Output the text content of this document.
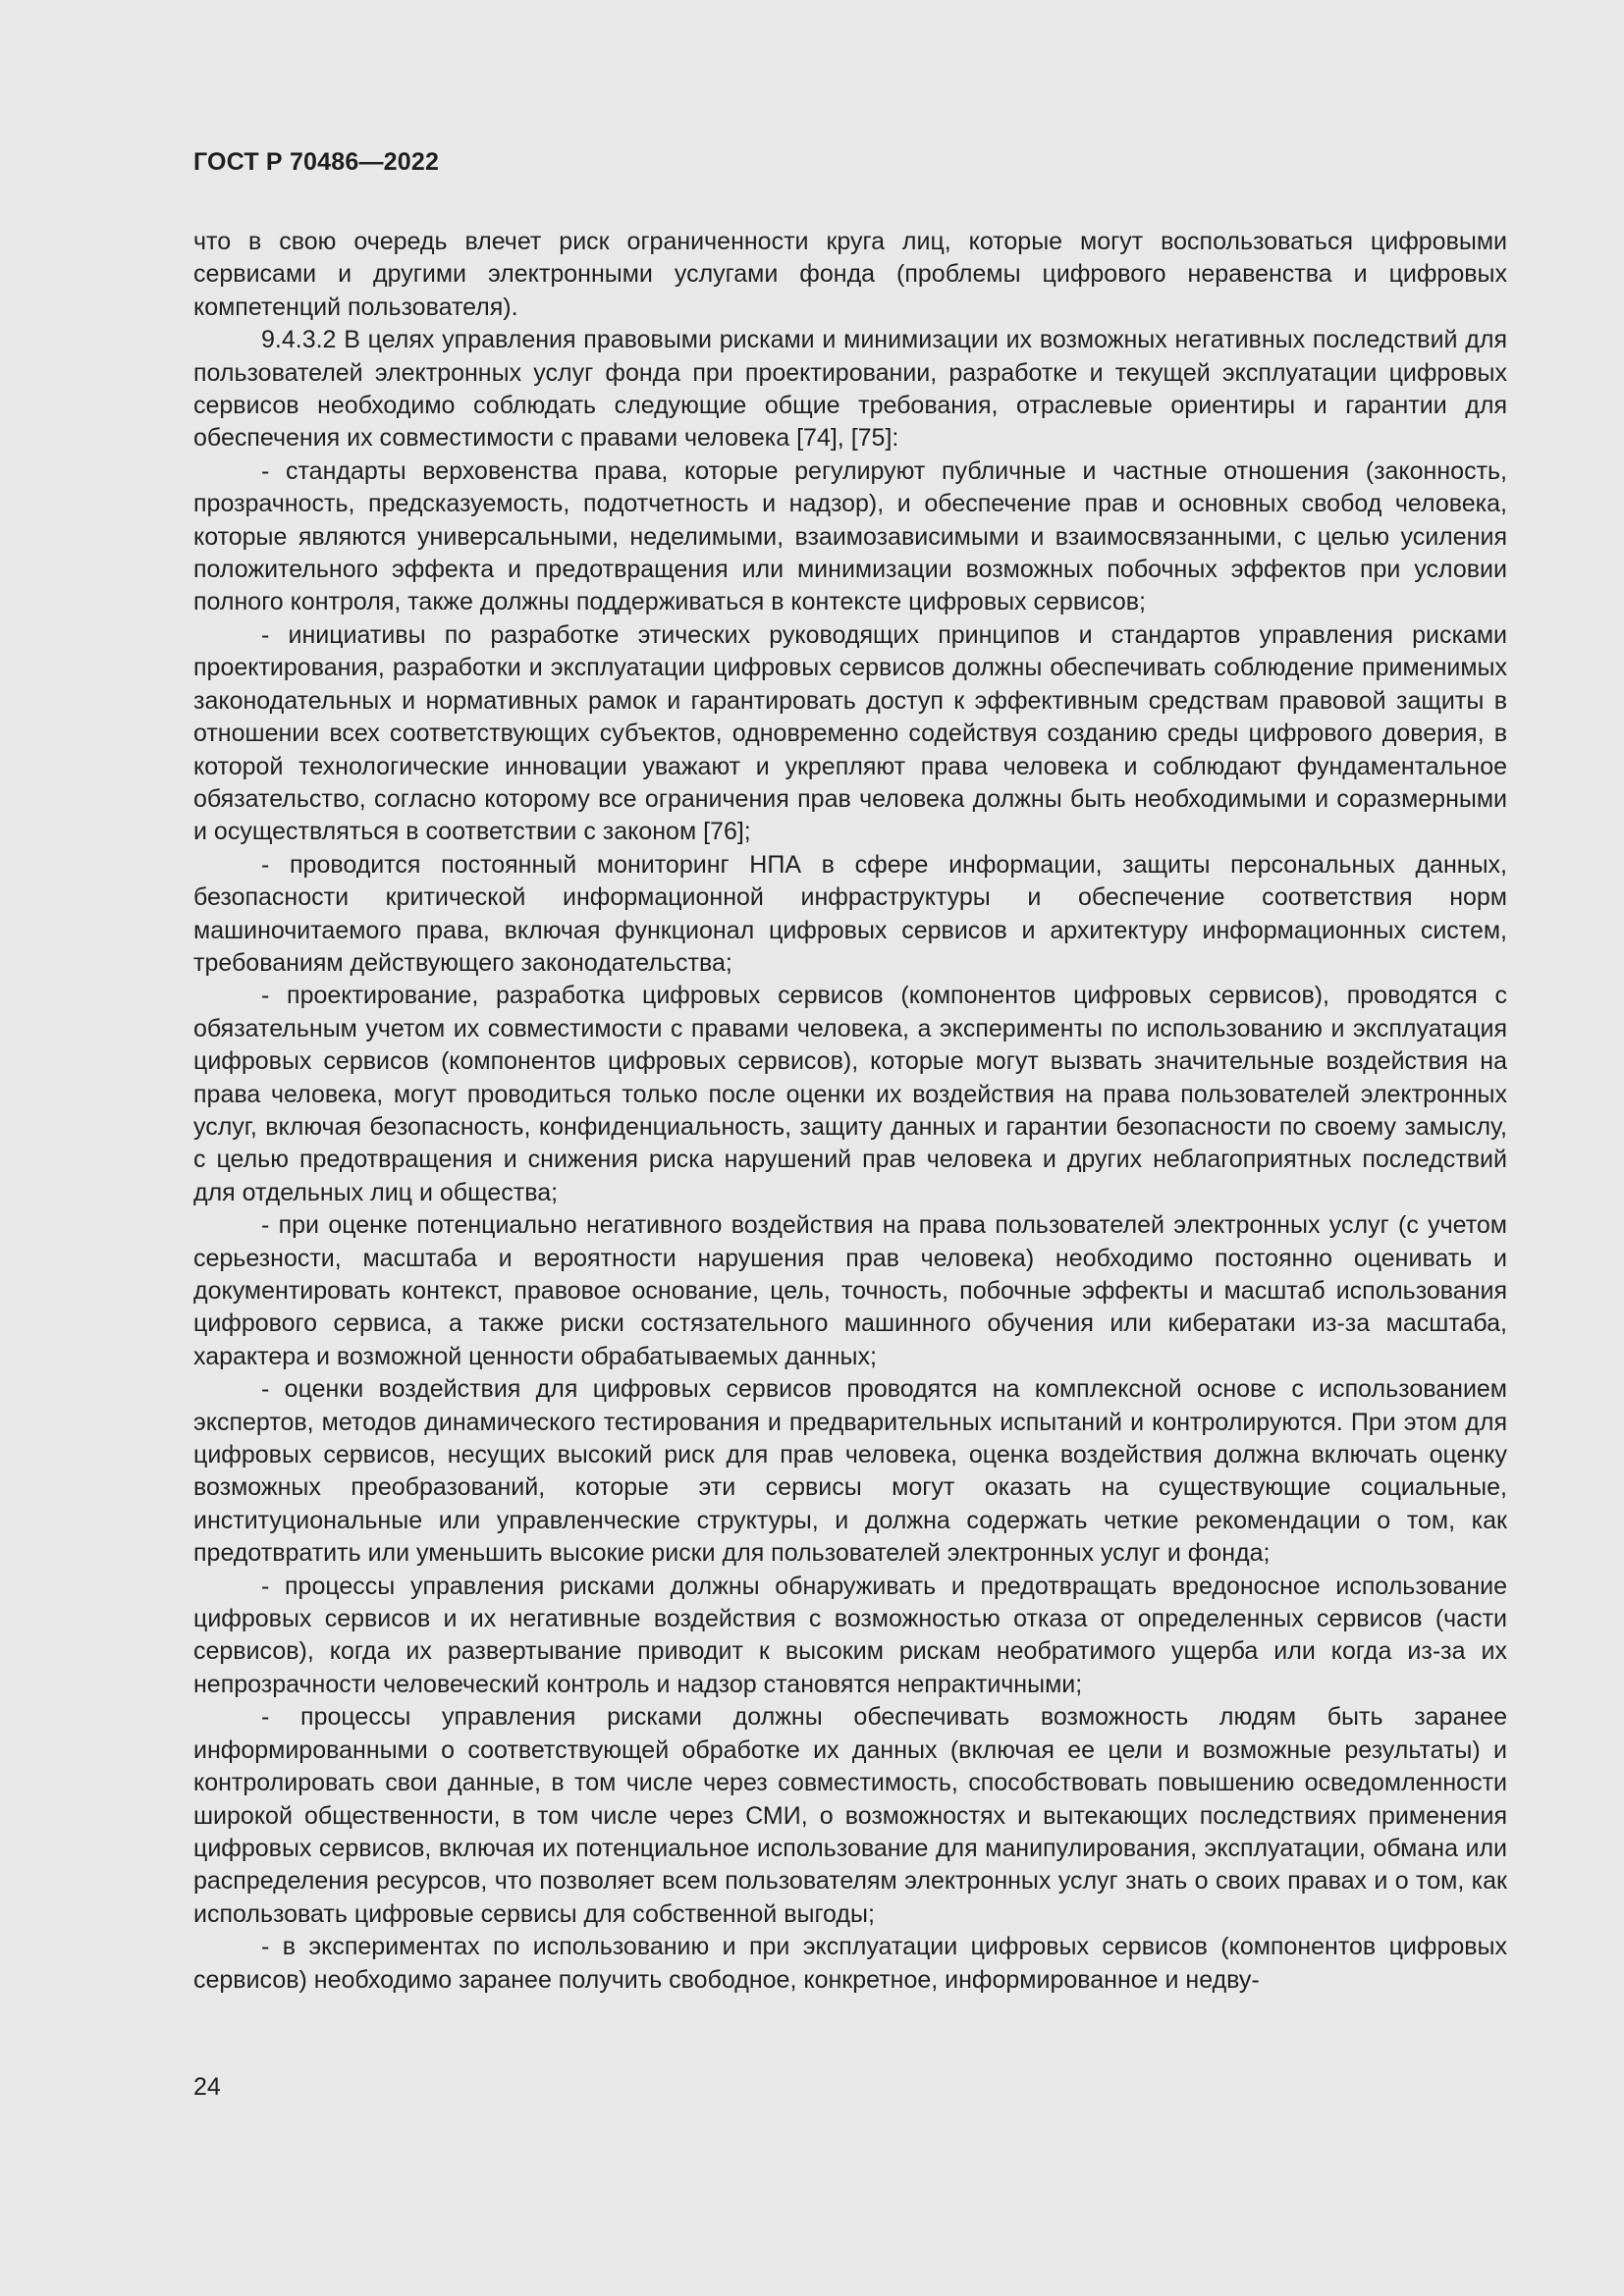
ГОСТ Р 70486—2022

что в свою очередь влечет риск ограниченности круга лиц, которые могут воспользоваться цифровыми сервисами и другими электронными услугами фонда (проблемы цифрового неравенства и цифровых компетенций пользователя).

9.4.3.2 В целях управления правовыми рисками и минимизации их возможных негативных последствий для пользователей электронных услуг фонда при проектировании, разработке и текущей эксплуатации цифровых сервисов необходимо соблюдать следующие общие требования, отраслевые ориентиры и гарантии для обеспечения их совместимости с правами человека [74], [75]:

- стандарты верховенства права, которые регулируют публичные и частные отношения (законность, прозрачность, предсказуемость, подотчетность и надзор), и обеспечение прав и основных свобод человека, которые являются универсальными, неделимыми, взаимозависимыми и взаимосвязанными, с целью усиления положительного эффекта и предотвращения или минимизации возможных побочных эффектов при условии полного контроля, также должны поддерживаться в контексте цифровых сервисов;

- инициативы по разработке этических руководящих принципов и стандартов управления рисками проектирования, разработки и эксплуатации цифровых сервисов должны обеспечивать соблюдение применимых законодательных и нормативных рамок и гарантировать доступ к эффективным средствам правовой защиты в отношении всех соответствующих субъектов, одновременно содействуя созданию среды цифрового доверия, в которой технологические инновации уважают и укрепляют права человека и соблюдают фундаментальное обязательство, согласно которому все ограничения прав человека должны быть необходимыми и соразмерными и осуществляться в соответствии с законом [76];

- проводится постоянный мониторинг НПА в сфере информации, защиты персональных данных, безопасности критической информационной инфраструктуры и обеспечение соответствия норм машиночитаемого права, включая функционал цифровых сервисов и архитектуру информационных систем, требованиям действующего законодательства;

- проектирование, разработка цифровых сервисов (компонентов цифровых сервисов), проводятся с обязательным учетом их совместимости с правами человека, а эксперименты по использованию и эксплуатация цифровых сервисов (компонентов цифровых сервисов), которые могут вызвать значительные воздействия на права человека, могут проводиться только после оценки их воздействия на права пользователей электронных услуг, включая безопасность, конфиденциальность, защиту данных и гарантии безопасности по своему замыслу, с целью предотвращения и снижения риска нарушений прав человека и других неблагоприятных последствий для отдельных лиц и общества;

- при оценке потенциально негативного воздействия на права пользователей электронных услуг (с учетом серьезности, масштаба и вероятности нарушения прав человека) необходимо постоянно оценивать и документировать контекст, правовое основание, цель, точность, побочные эффекты и масштаб использования цифрового сервиса, а также риски состязательного машинного обучения или кибератаки из-за масштаба, характера и возможной ценности обрабатываемых данных;

- оценки воздействия для цифровых сервисов проводятся на комплексной основе с использованием экспертов, методов динамического тестирования и предварительных испытаний и контролируются. При этом для цифровых сервисов, несущих высокий риск для прав человека, оценка воздействия должна включать оценку возможных преобразований, которые эти сервисы могут оказать на существующие социальные, институциональные или управленческие структуры, и должна содержать четкие рекомендации о том, как предотвратить или уменьшить высокие риски для пользователей электронных услуг и фонда;

- процессы управления рисками должны обнаруживать и предотвращать вредоносное использование цифровых сервисов и их негативные воздействия с возможностью отказа от определенных сервисов (части сервисов), когда их развертывание приводит к высоким рискам необратимого ущерба или когда из-за их непрозрачности человеческий контроль и надзор становятся непрактичными;

- процессы управления рисками должны обеспечивать возможность людям быть заранее информированными о соответствующей обработке их данных (включая ее цели и возможные результаты) и контролировать свои данные, в том числе через совместимость, способствовать повышению осведомленности широкой общественности, в том числе через СМИ, о возможностях и вытекающих последствиях применения цифровых сервисов, включая их потенциальное использование для манипулирования, эксплуатации, обмана или распределения ресурсов, что позволяет всем пользователям электронных услуг знать о своих правах и о том, как использовать цифровые сервисы для собственной выгоды;

- в экспериментах по использованию и при эксплуатации цифровых сервисов (компонентов цифровых сервисов) необходимо заранее получить свободное, конкретное, информированное и недву-

24
